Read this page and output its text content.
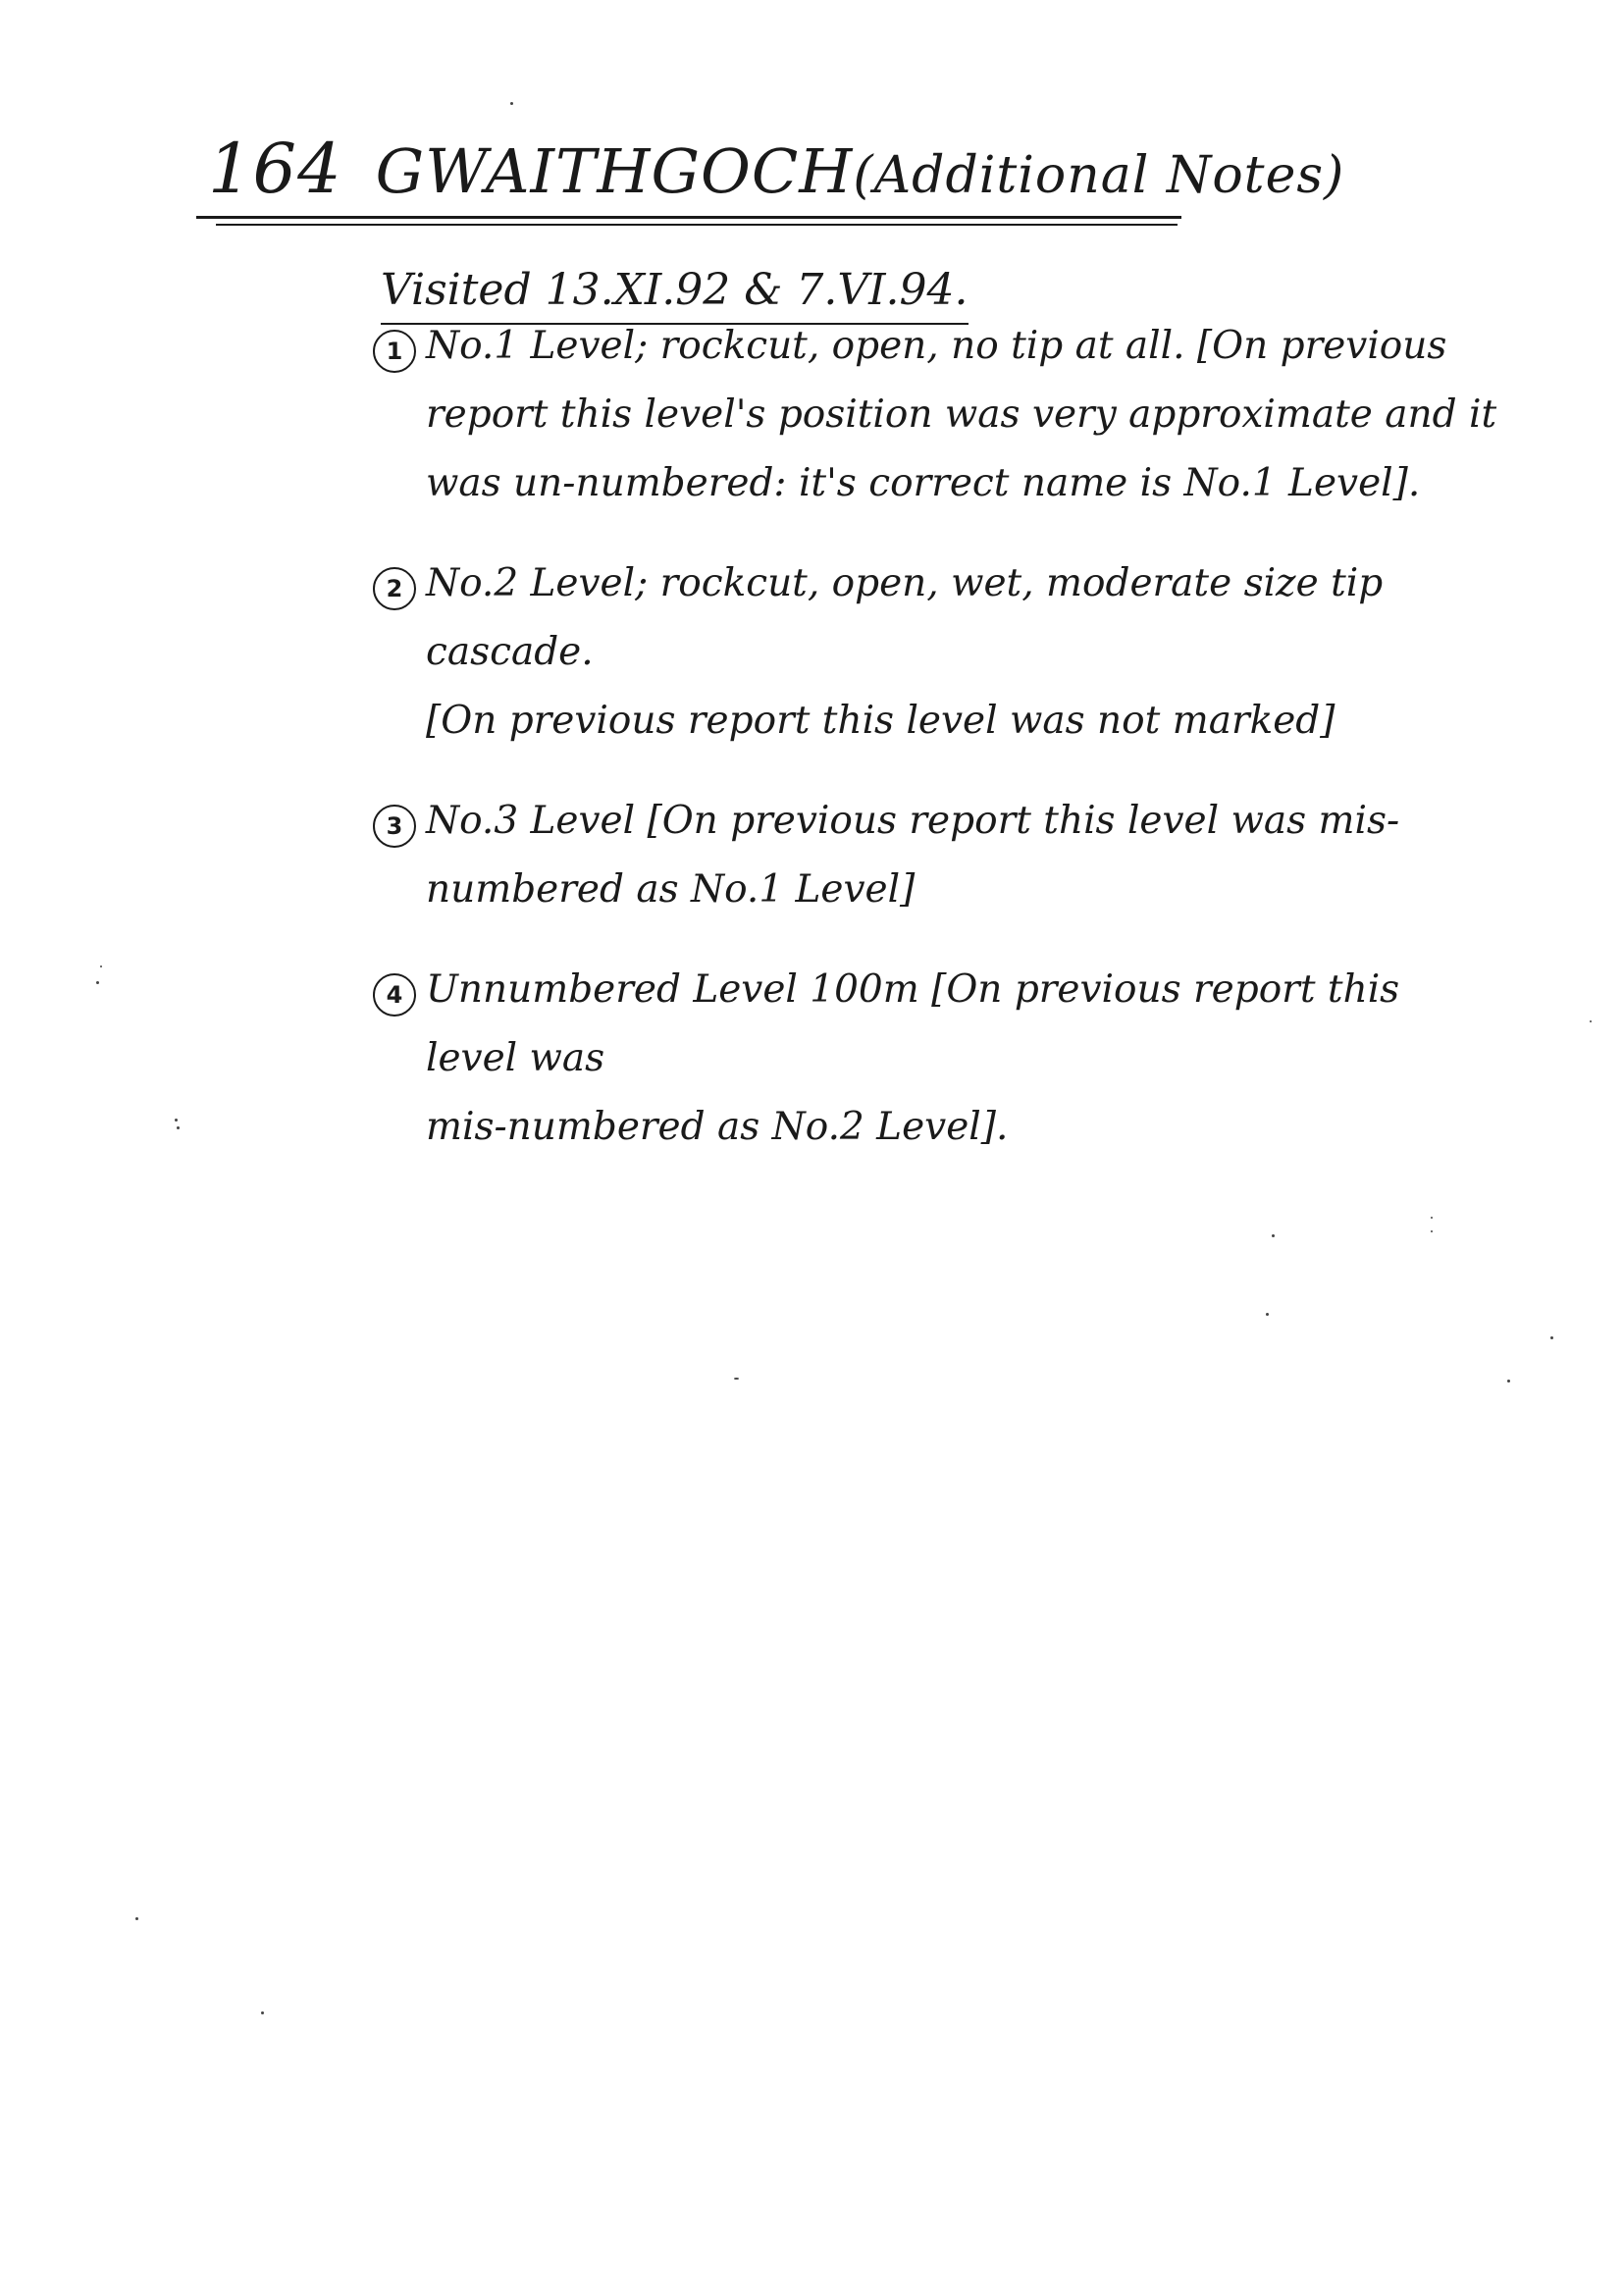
164 GWAITHGOCH(Additional Notes)
Visited 13.XI.92 & 7.VI.94.
1 No.1 Level; rockcut, open, no tip at all. [On previous
report this level's position was very approximate and it
was un-numbered: it's correct name is No.1 Level].
2 No.2 Level; rockcut, open, wet, moderate size tip cascade.
[On previous report this level was not marked]
3 No.3 Level [On previous report this level was mis-
numbered as No.1 Level]
4 Unnumbered Level 100m [On previous report this level was
mis-numbered as No.2 Level].
